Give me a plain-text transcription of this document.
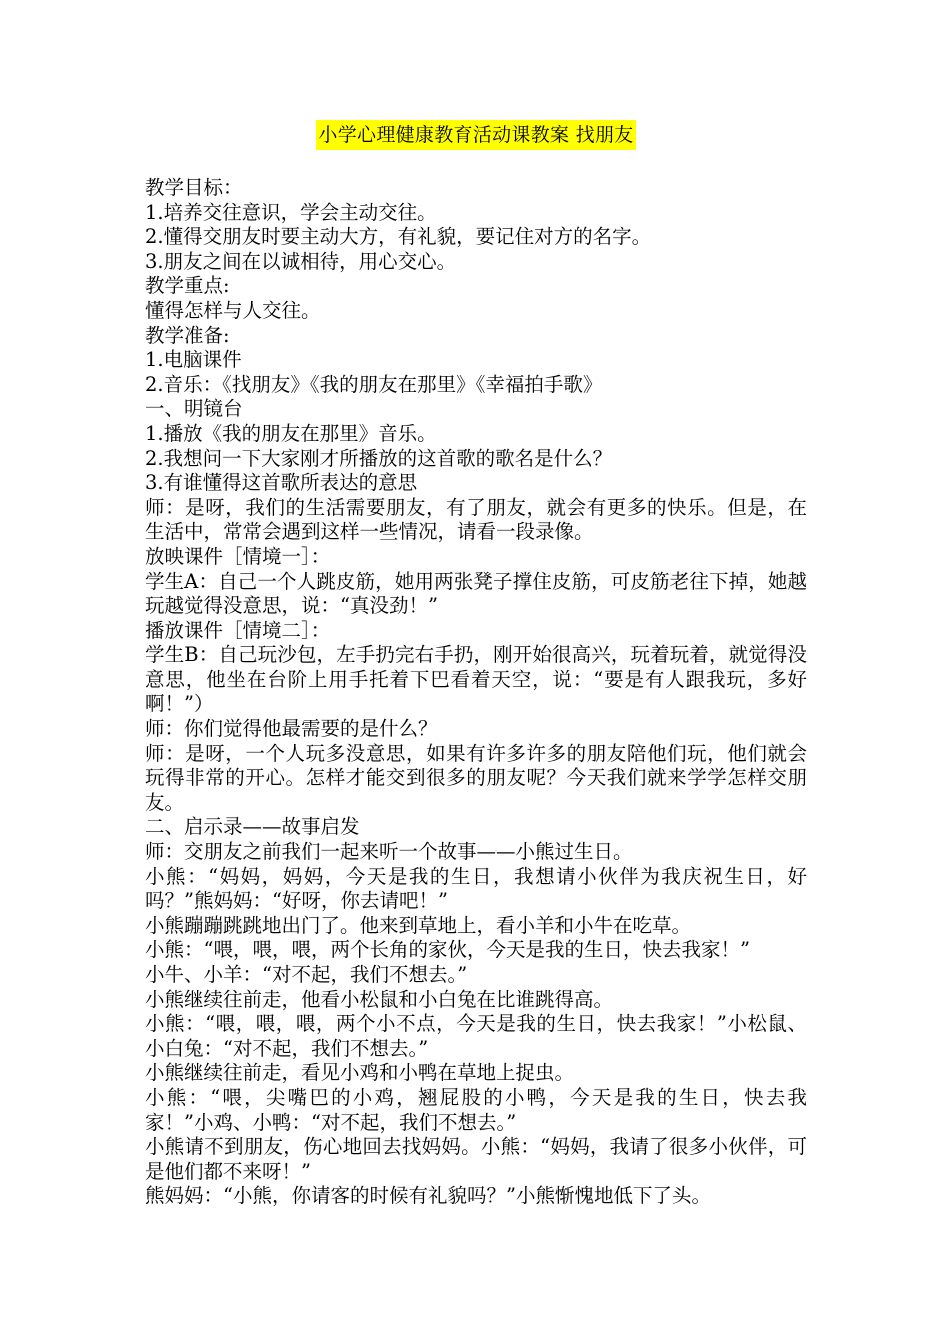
小学心理健康教育活动课教案 找朋友

教学目标：

1.培养交往意识，学会主动交往。

2.懂得交朋友时要主动大方，有礼貌，要记住对方的名字。

3.朋友之间在以诚相待，用心交心。

教学重点:

懂得怎样与人交往。

教学准备:

1.电脑课件

2.音乐：《找朋友》《我的朋友在那里》《幸福拍手歌》

一、明镜台

1.播放《我的朋友在那里》音乐。

2.我想问一下大家刚才所播放的这首歌的歌名是什么？

3.有谁懂得这首歌所表达的意思

师：是呀，我们的生活需要朋友，有了朋友，就会有更多的快乐。但是，在生活中，常常会遇到这样一些情况，请看一段录像。

放映课件［情境一］：

学生A：自己一个人跳皮筋，她用两张凳子撑住皮筋，可皮筋老往下掉，她越玩越觉得没意思，说：“真没劲！”

播放课件［情境二］：

学生B：自己玩沙包，左手扔完右手扔，刚开始很高兴，玩着玩着，就觉得没意思，他坐在台阶上用手托着下巴看着天空，说：“要是有人跟我玩，多好啊！”）

师：你们觉得他最需要的是什么？

师：是呀，一个人玩多没意思，如果有许多许多的朋友陪他们玩，他们就会玩得非常的开心。怎样才能交到很多的朋友呢？今天我们就来学学怎样交朋友。

二、启示录——故事启发

师：交朋友之前我们一起来听一个故事——小熊过生日。

小熊：“妈妈，妈妈，今天是我的生日，我想请小伙伴为我庆祝生日，好吗？”熊妈妈：“好呀，你去请吧！”

小熊蹦蹦跳跳地出门了。他来到草地上，看小羊和小牛在吃草。

小熊：“喂，喂，喂，两个长角的家伙，今天是我的生日，快去我家！”

小牛、小羊：“对不起，我们不想去。”

小熊继续往前走，他看小松鼠和小白兔在比谁跳得高。

小熊：“喂，喂，喂，两个小不点，今天是我的生日，快去我家！”小松鼠、小白兔：“对不起，我们不想去。”

小熊继续往前走，看见小鸡和小鸭在草地上捉虫。

小熊：“喂，尖嘴巴的小鸡，翘屁股的小鸭，今天是我的生日，快去我家！”小鸡、小鸭：“对不起，我们不想去。”

小熊请不到朋友，伤心地回去找妈妈。小熊：“妈妈，我请了很多小伙伴，可是他们都不来呀！”

熊妈妈：“小熊，你请客的时候有礼貌吗？”小熊惭愧地低下了头。
